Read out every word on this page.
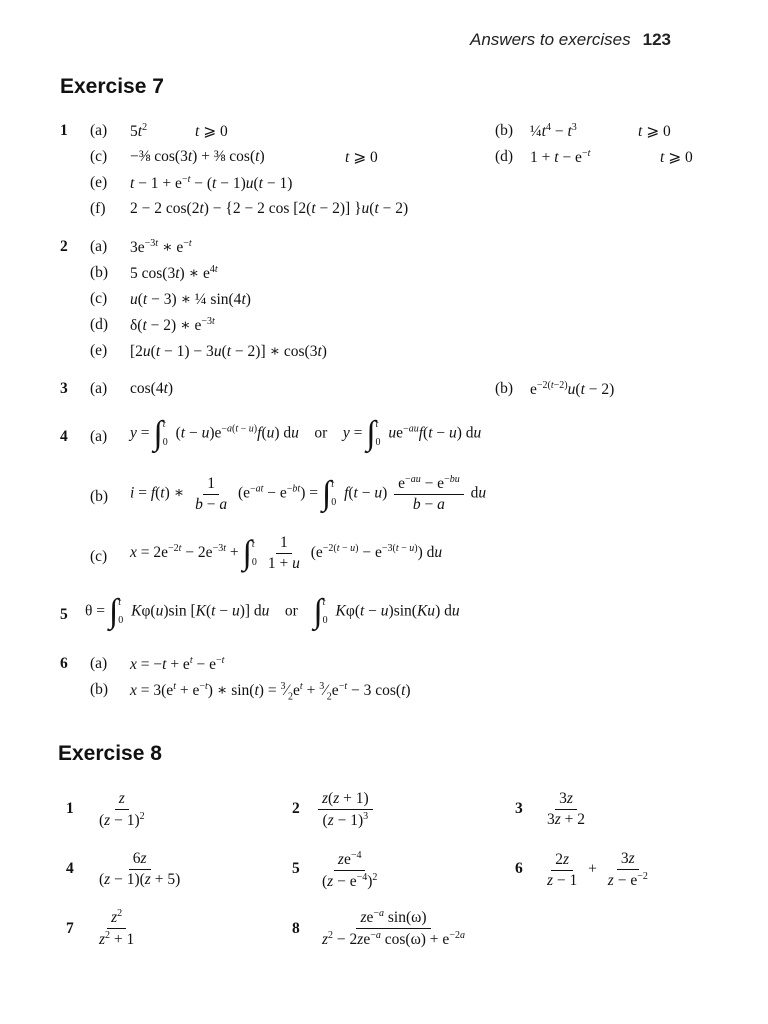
Answers to exercises 123
Exercise 7
1 (a) $5t^2$	t ⩾ 0	(b) $\frac{1}{4}t^4 - t^3$	t ⩾ 0
(c) −⅜ cos(3t) + ⅜ cos(t)	t ⩾ 0	(d) $1 + t - e^{-t}$	t ⩾ 0
(e) $t - 1 + e^{-t} - (t - 1)u(t - 1)$
(f) 2 − 2 cos(2t) − {2 − 2 cos [2(t − 2)] }u(t − 2)
2 (a) $3e^{-3t}$ ∗ $e^{-t}$
(b) 5 cos(3t) ∗ $e^{4t}$
(c) u(t − 3) ∗ ¼ sin(4t)
(d) δ(t − 2) ∗ $e^{-3t}$
(e) [2u(t − 1) − 3u(t − 2)] ∗ cos(3t)
3 (a) cos(4t)	(b) $e^{-2(t-2)}u(t - 2)$
4 (a) y = ∫ t
0
$(t - u)e^{-a(t - u)}f(u)$ du or y = ∫ t
0
$ue^{-au}f(t - u)$ du
(b) i = f(t) ∗ $\frac{1}{b - a} (e^{-at} - e^{-bt})$ = ∫ t
0
$f(t - u) \frac{e^{-au} - e^{-bu}}{b - a}$ du
(c) $x = 2e^{-2t} - 2e^{-3t}$ + ∫ t
$0 \frac{1}{1 + u} (e^{-2(t - u)} - e^{-3(t - u)})$ du
5 θ = ∫ t
0
Kφ(u)sin [K(t − u)] du or ∫ t
0
Kφ(t − u)sin(Ku) du
6 (a) $x = -t + e^t - e^{-t}$
(b) $x = 3(e^t + e^{-t})$ ∗ $\sin(t) = ^3⁄_2e^t$ + $^3⁄_2e^{-t} - 3$ cos(t)
Exercise 8
$1 \frac{z}{(z - 1)^2}$	$2 \frac{z(z + 1)}{(z - 1)^3}$	$3 \frac{3z}{3z + 2}$
$4 \frac{6z}{(z - 1)(z + 5)}$	$5 \frac{ze^{-4}}{(z - e^{-4})^2}$	$6 \frac{2z}{z - 1} + \frac{3z}{z - e^{-2}}$
$7 \frac{z^2}{z^2 + 1}$	$8 \frac{ze^{-a} \sin(\omega)}{z^2 - 2ze^{-a} \cos(\omega) + e^{-2a}}$
